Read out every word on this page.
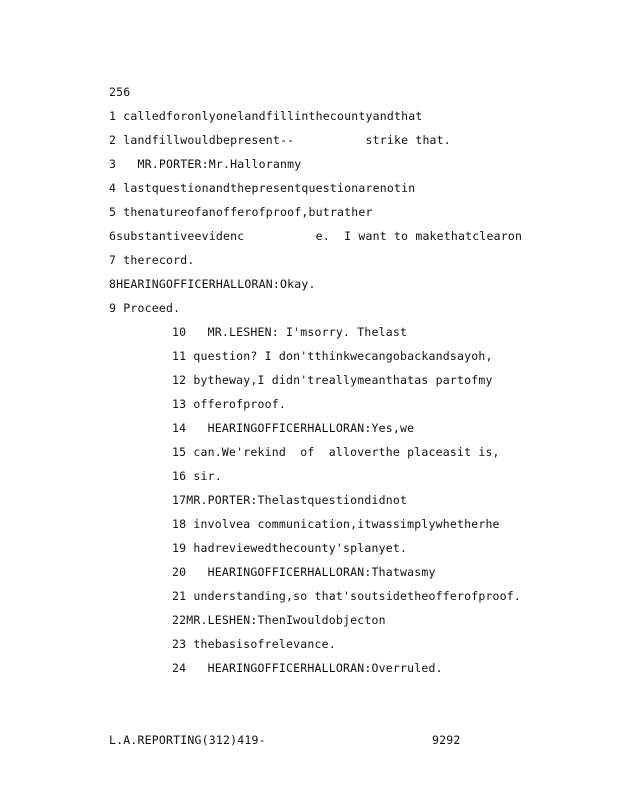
256
1 calledforonlyonelandfillinthecountyandthat
2 landfillwouldbepresent--          strike that.
3   MR.PORTER:Mr.Halloranmy
4 lastquestionandthepresentquestionarenotin
5 thenatureofanofferofproof,butrather
6substantiveevidenc          e.  I want to makethatclearon
7 therecord.
8HEARINGOFFICERHALLORAN:Okay.
9 Proceed.
10   MR.LESHEN: I'msorry. Thelast
11 question? I don'tthinkwecangobackandsayoh,
12 bytheway,I didn'treallymeanthatas partofmy
13 offerofproof.
14   HEARINGOFFICERHALLORAN:Yes,we
15 can.We'rekind  of  alloverthe placeasit is,
16 sir.
17MR.PORTER:Thelastquestiondidnot
18 involvea communication,itwassimplywhetherhe
19 hadreviewedthecounty'splanyet.
20   HEARINGOFFICERHALLORAN:Thatwasmy
21 understanding,so that'soutsidetheofferofproof.
22MR.LESHEN:ThenIwouldobjecton
23 thebasisofrelevance.
24   HEARINGOFFICERHALLORAN:Overruled.
L.A.REPORTING(312)419-	9292
